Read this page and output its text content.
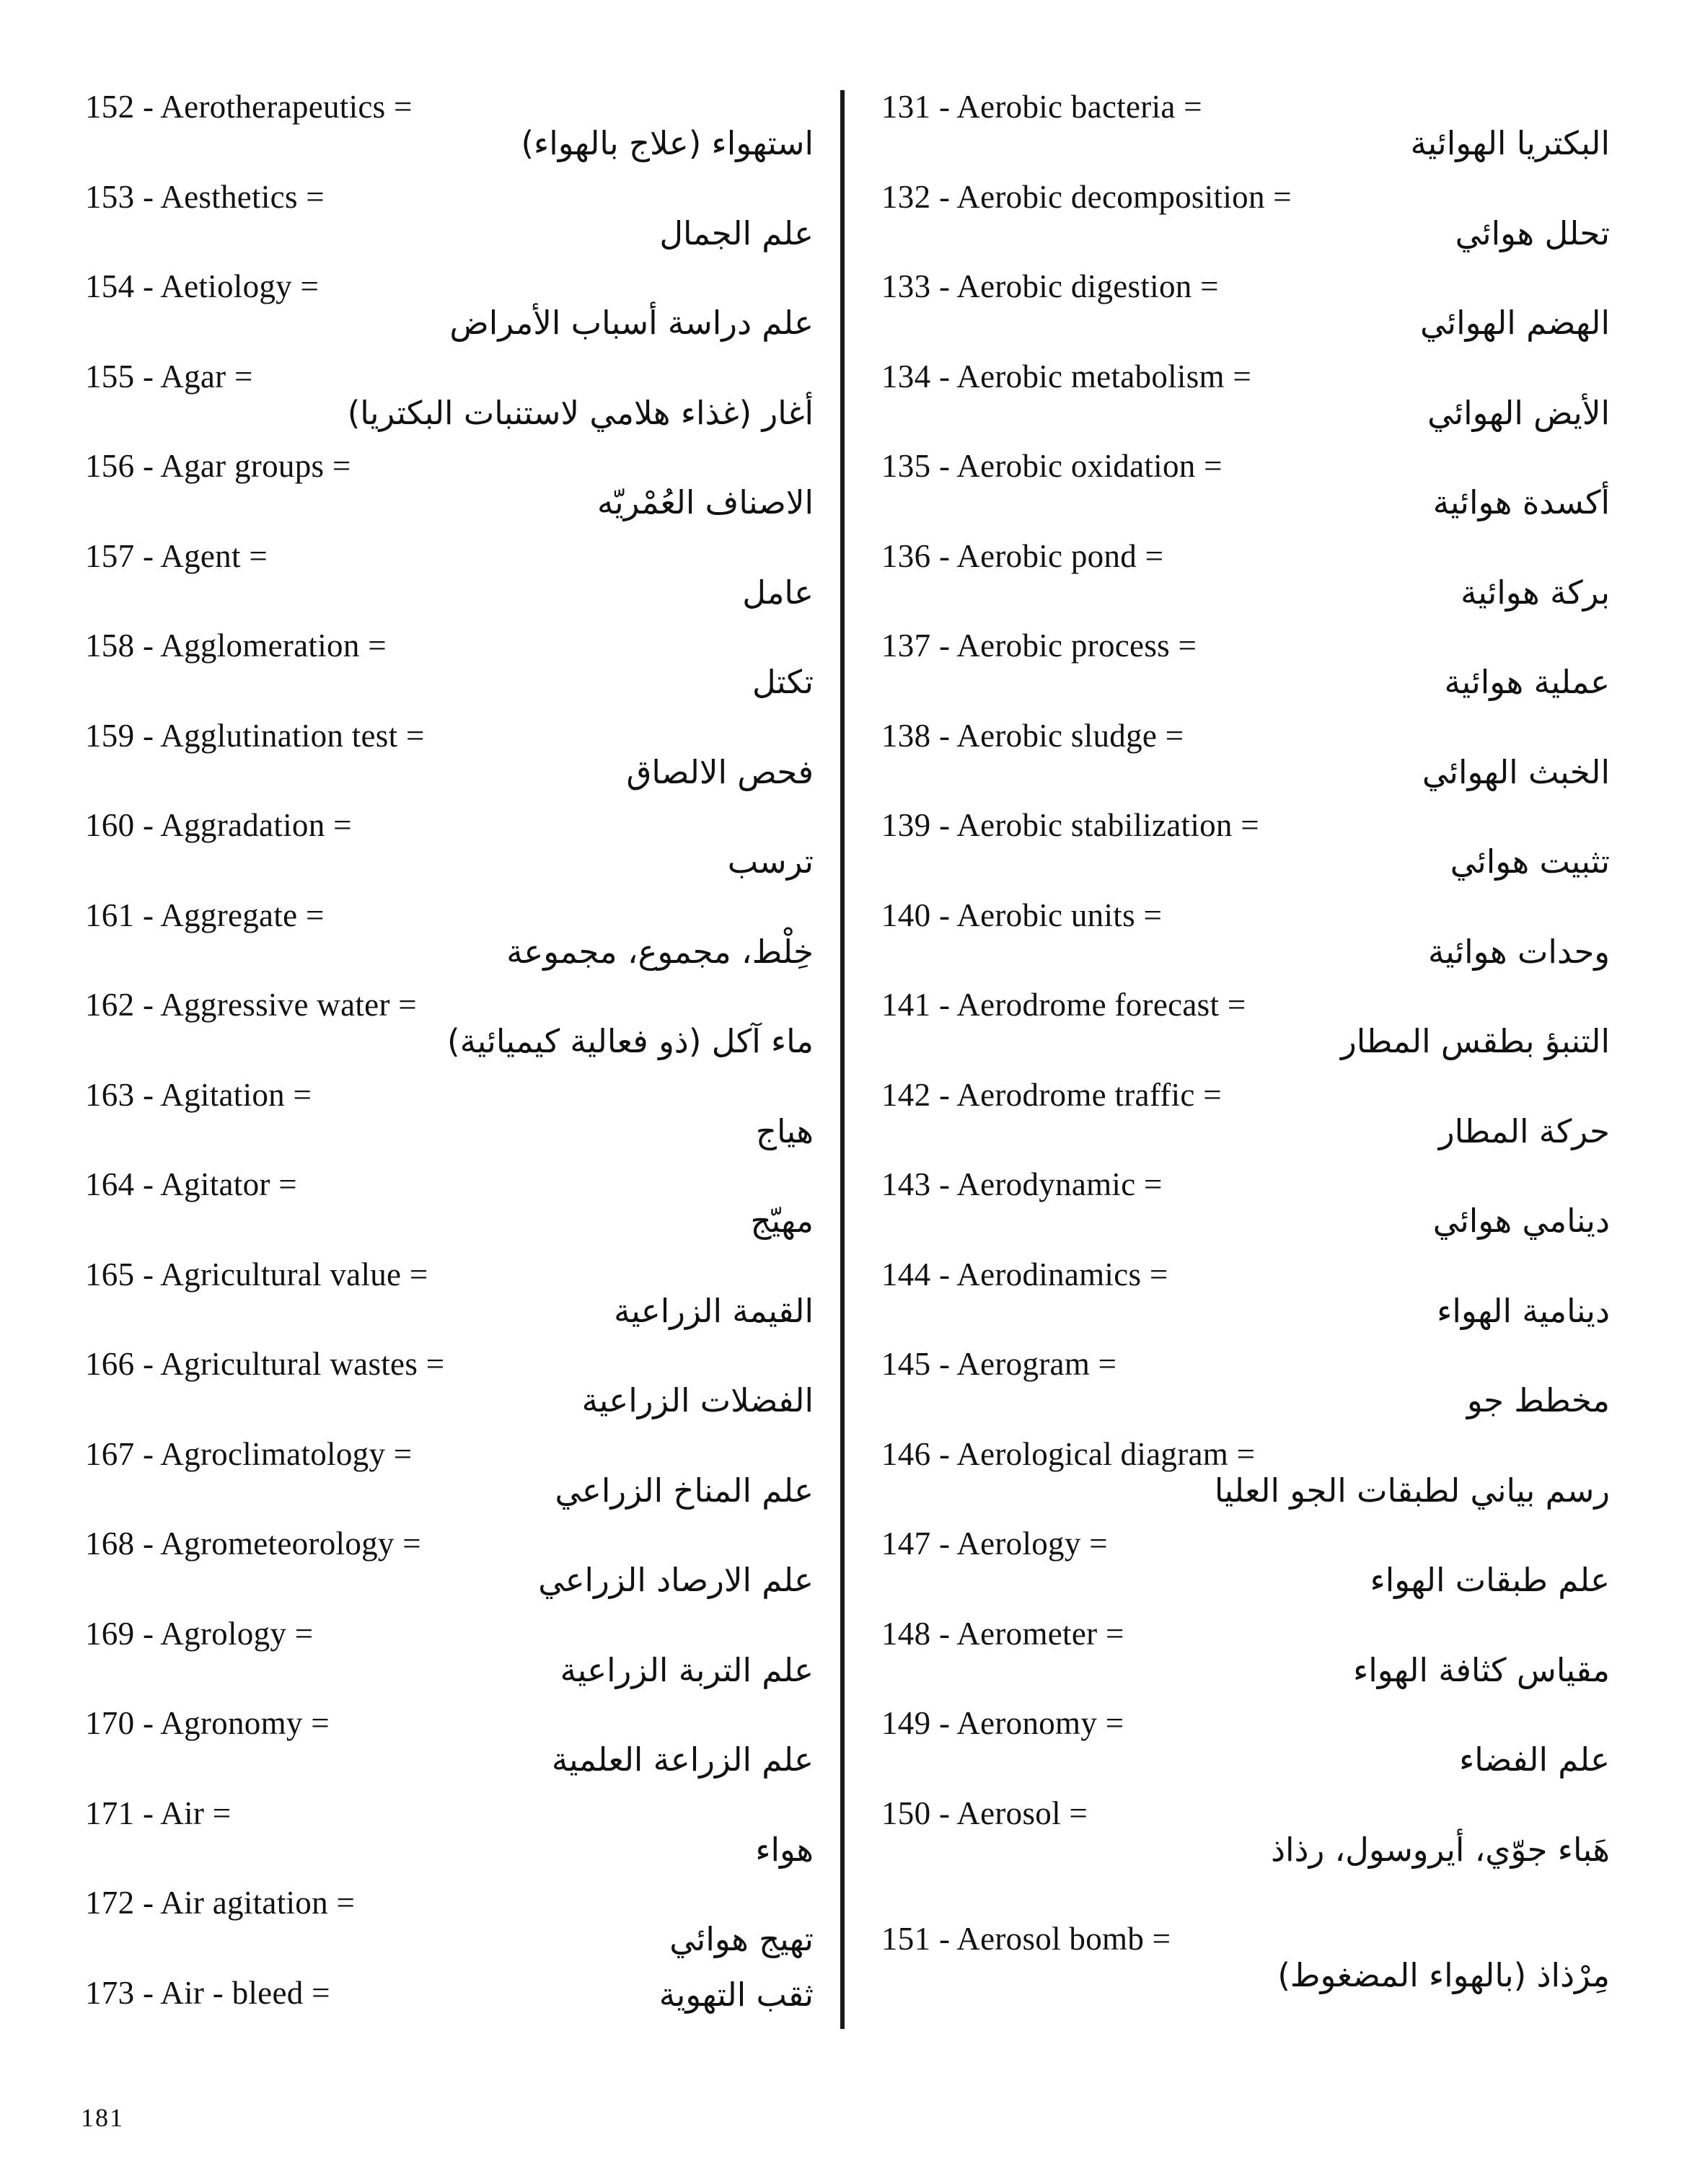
152 - Aerotherapeutics =
استهواء (علاج بالهواء)
153 - Aesthetics =
علم الجمال
154 - Aetiology =
علم دراسة أسباب الأمراض
155 - Agar =
أغار (غذاء هلامي لاستنبات البكتريا)
156 - Agar groups =
الاصناف العُمْريّه
157 - Agent =
عامل
158 - Agglomeration =
تكتل
159 - Agglutination test =
فحص الالصاق
160 - Aggradation =
ترسب
161 - Aggregate =
خِلْط، مجموع، مجموعة
162 - Aggressive water =
ماء آكل (ذو فعالية كيميائية)
163 - Agitation =
هياج
164 - Agitator =
مهيّج
165 - Agricultural value =
القيمة الزراعية
166 - Agricultural wastes =
الفضلات الزراعية
167 - Agroclimatology =
علم المناخ الزراعي
168 - Agrometeorology =
علم الارصاد الزراعي
169 - Agrology =
علم التربة الزراعية
170 - Agronomy =
علم الزراعة العلمية
171 - Air =
هواء
172 - Air agitation =
تهيج هوائي
173 - Air - bleed =	ثقب التهوية
131 - Aerobic bacteria =
البكتريا الهوائية
132 - Aerobic decomposition =
تحلل هوائي
133 - Aerobic digestion =
الهضم الهوائي
134 - Aerobic metabolism =
الأيض الهوائي
135 - Aerobic oxidation =
أكسدة هوائية
136 - Aerobic pond =
بركة هوائية
137 - Aerobic process =
عملية هوائية
138 - Aerobic sludge =
الخبث الهوائي
139 - Aerobic stabilization =
تثبيت هوائي
140 - Aerobic units =
وحدات هوائية
141 - Aerodrome forecast =
التنبؤ بطقس المطار
142 - Aerodrome traffic =
حركة المطار
143 - Aerodynamic =
دينامي هوائي
144 - Aerodinamics =
دينامية الهواء
145 - Aerogram =
مخطط جو
146 - Aerological diagram =
رسم بياني لطبقات الجو العليا
147 - Aerology =
علم طبقات الهواء
148 - Aerometer =
مقياس كثافة الهواء
149 - Aeronomy =
علم الفضاء
150 - Aerosol =
هَباء جوّي، أيروسول، رذاذ
151 - Aerosol bomb =
مِرْذاذ (بالهواء المضغوط)
181
